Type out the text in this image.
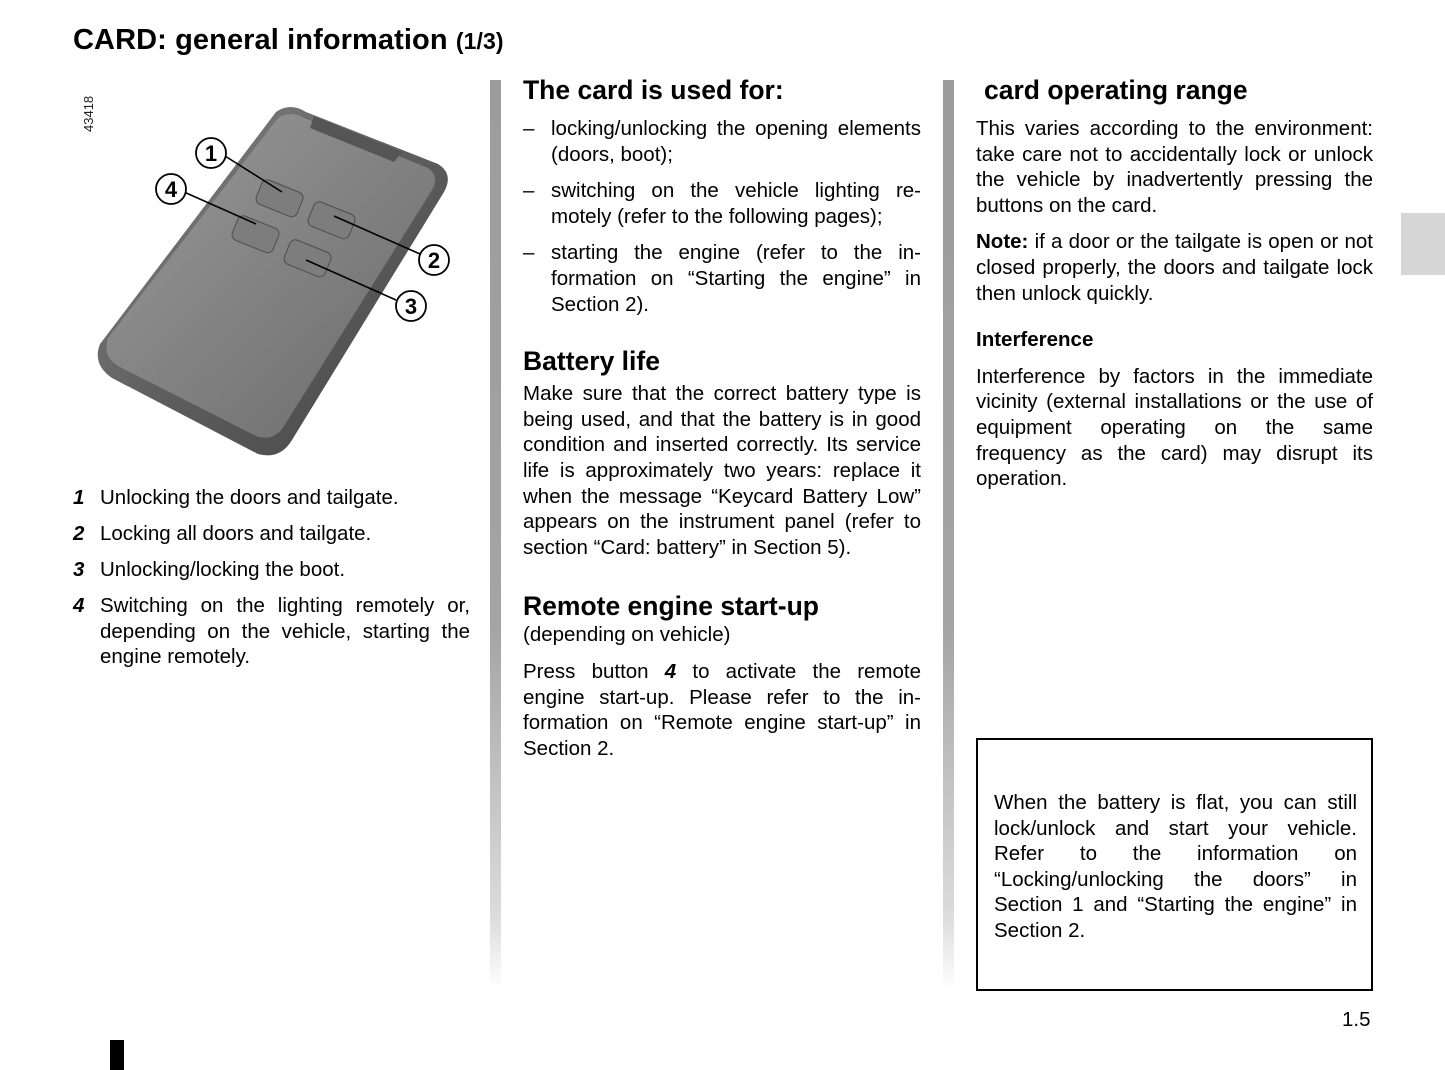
CARD: general information (1/3)
43418
1
4
2
3
1 Unlocking the doors and tailgate.
2 Locking all doors and tailgate.
3 Unlocking/locking the boot.
4 Switching on the lighting remotely or, depending on the vehicle, starting the engine remotely.
The card is used for:
– locking/unlocking the opening elements (doors, boot);
– switching on the vehicle lighting remotely (refer to the following pages);
– starting the engine (refer to the information on “Starting the engine” in Section 2).
Battery life

Make sure that the correct battery type is being used, and that the battery is in good condition and inserted correctly. Its service life is approximately two years: replace it when the message “Keycard Battery Low” appears on the instrument panel (refer to section “Card: battery” in Section 5).

Remote engine start-up

(depending on vehicle)

Press button 4 to activate the remote engine start-up. Please refer to the information on “Remote engine start-up” in Section 2.

card operating range

This varies according to the environment: take care not to accidentally lock or unlock the vehicle by inadvertently pressing the buttons on the card.

Note: if a door or the tailgate is open or not closed properly, the doors and tailgate lock then unlock quickly.

Interference

Interference by factors in the immediate vicinity (external installations or the use of equipment operating on the same frequency as the card) may disrupt its operation.

When the battery is flat, you can still lock/unlock and start your vehicle. Refer to the information on “Locking/unlocking the doors” in Section 1 and “Starting the engine” in Section 2.

1.5
